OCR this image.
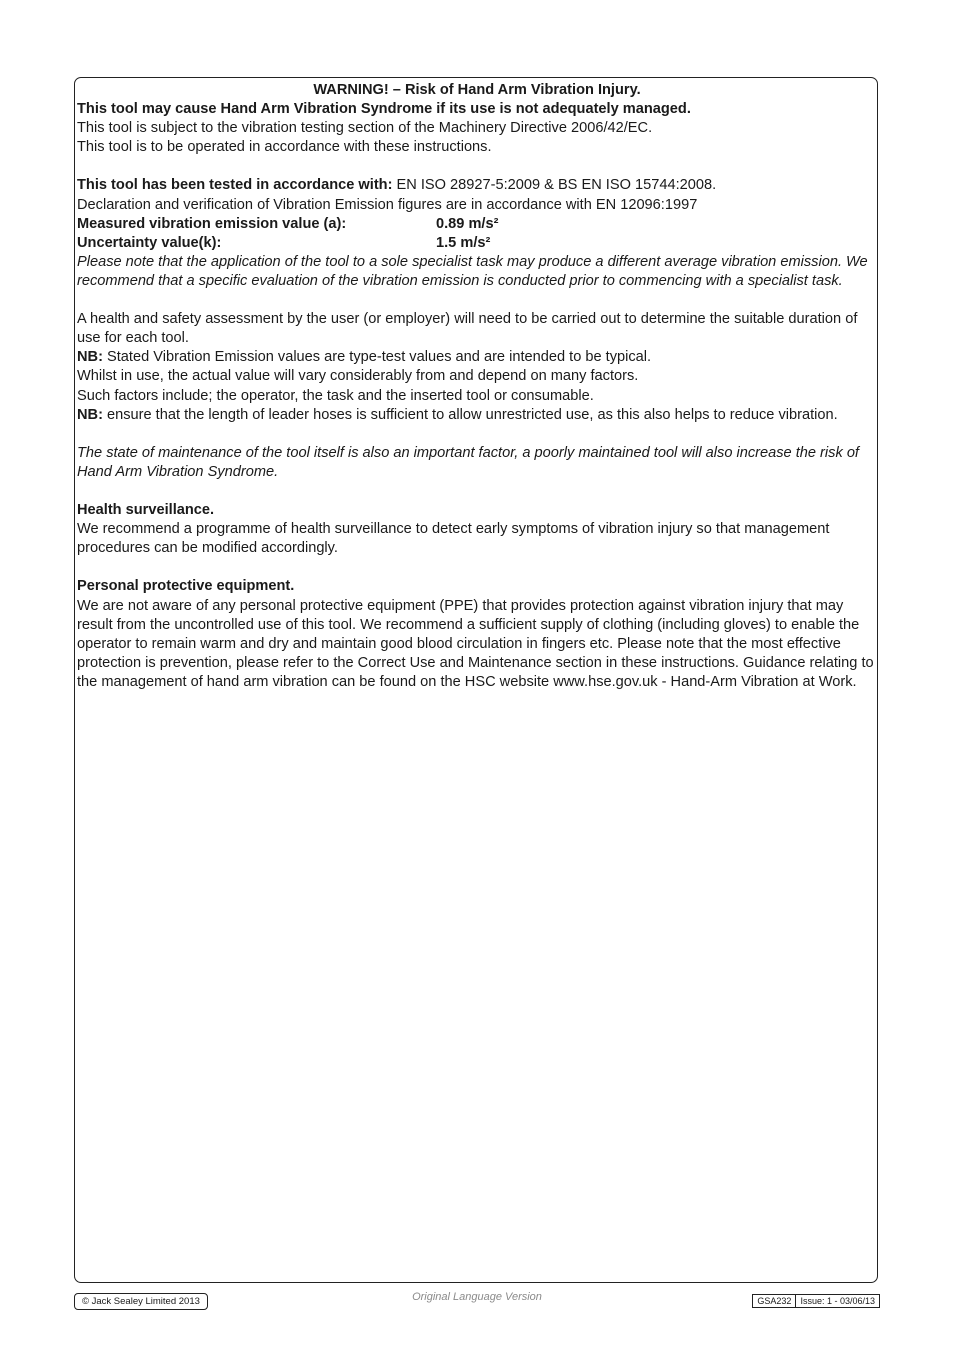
WARNING! – Risk of Hand Arm Vibration Injury.

This tool may cause Hand Arm Vibration Syndrome if its use is not adequately managed.

This tool is subject to the vibration testing section of the Machinery Directive 2006/42/EC.

This tool is to be operated in accordance with these instructions.

This tool has been tested in accordance with: EN ISO 28927-5:2009 & BS EN ISO 15744:2008.

Declaration and verification of Vibration Emission figures are in accordance with EN 12096:1997

Measured vibration emission value (a):	0.89 m/s²
Uncertainty value(k):	1.5 m/s²

Please note that the application of the tool to a sole specialist task may produce a different average vibration emission. We recommend that a specific evaluation of the vibration emission is conducted prior to commencing with a specialist task.

A health and safety assessment by the user (or employer) will need to be carried out to determine the suitable duration of use for each tool.

NB: Stated Vibration Emission values are type-test values and are intended to be typical.

Whilst in use, the actual value will vary considerably from and depend on many factors.

Such factors include; the operator, the task and the inserted tool or consumable.

NB: ensure that the length of leader hoses is sufficient to allow unrestricted use, as this also helps to reduce vibration.

The state of maintenance of the tool itself is also an important factor, a poorly maintained tool will also increase the risk of Hand Arm Vibration Syndrome.

Health surveillance.

We recommend a programme of health surveillance to detect early symptoms of vibration injury so that management procedures can be modified accordingly.

Personal protective equipment.

We are not aware of any personal protective equipment (PPE) that provides protection against vibration injury that may result from the uncontrolled use of this tool. We recommend a sufficient supply of clothing (including gloves) to enable the operator to remain warm and dry and maintain good blood circulation in fingers etc. Please note that the most effective protection is prevention, please refer to the Correct Use and Maintenance section in these instructions. Guidance relating to the management of hand arm vibration can be found on the HSC website www.hse.gov.uk - Hand-Arm Vibration at Work.

© Jack Sealey Limited 2013	Original Language Version	GSA232	Issue: 1 - 03/06/13
